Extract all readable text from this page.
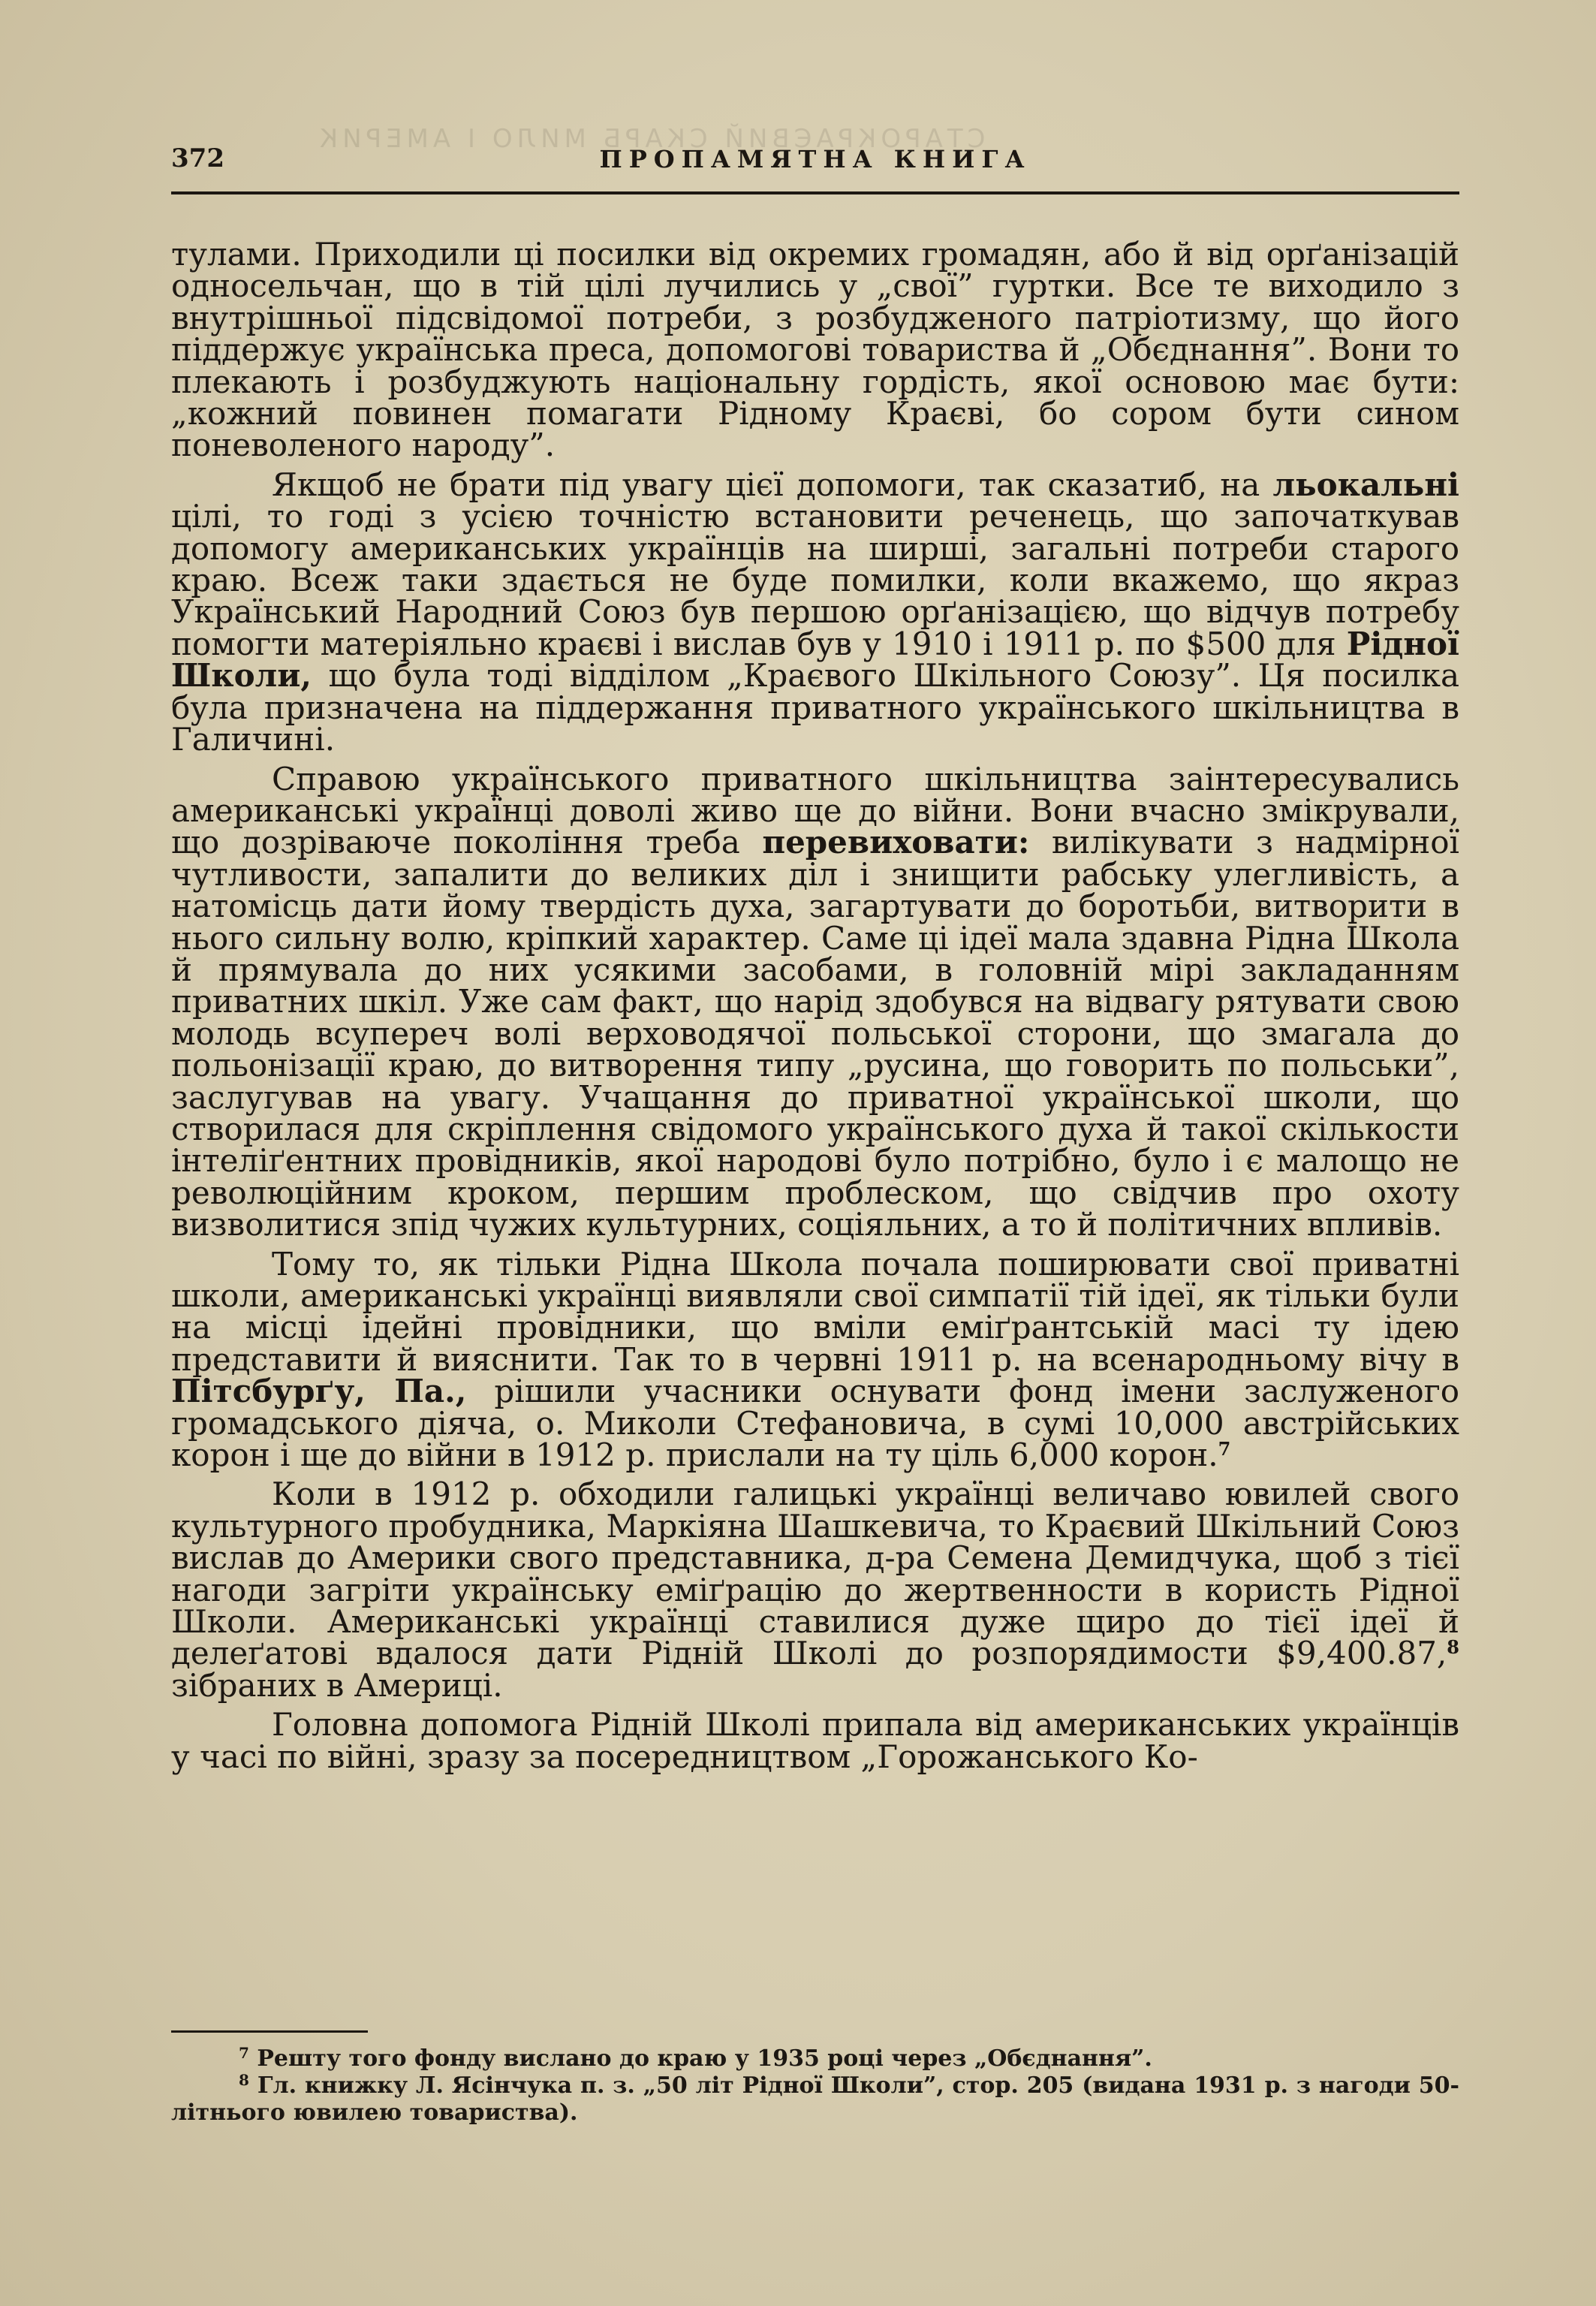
СТАРОКРАЄВИЙ СКАРБ МИЛО І АМЕРИК
372	ПРОПАМЯТНА КНИГА

тулами. Приходили ці посилки від окремих громадян, або й від орґанізацій односельчан, що в тій цілі лучились у „свої” гуртки. Все те виходило з внутрішньої підсвідомої потреби, з розбудженого патріотизму, що його піддержує українська преса, допомогові товариства й „Обєднання”. Вони то плекають і розбуджують національну гордість, якої основою має бути: „кожний повинен помагати Рідному Краєві, бо сором бути сином поневоленого народу”.

Якщоб не брати під увагу цієї допомоги, так сказатиб, на льокальні цілі, то годі з усією точністю встановити реченець, що започаткував допомогу американських українців на ширші, загальні потреби старого краю. Всеж таки здається не буде помилки, коли вкажемо, що якраз Український Народний Союз був першою орґанізацією, що відчув потребу помогти матеріяльно краєві і вислав був у 1910 і 1911 р. по $500 для Рідної Школи, що була тоді відділом „Краєвого Шкільного Союзу”. Ця посилка була призначена на піддержання приватного українського шкільництва в Галичині.

Справою українського приватного шкільництва заінтересувались американські українці доволі живо ще до війни. Вони вчасно змікрували, що дозріваюче покоління треба перевиховати: вилікувати з надмірної чутливости, запалити до великих діл і знищити рабську улегливість, а натомісць дати йому твердість духа, загартувати до боротьби, витворити в нього сильну волю, кріпкий характер. Саме ці ідеї мала здавна Рідна Школа й прямувала до них усякими засобами, в головній мірі закладанням приватних шкіл. Уже сам факт, що нарід здобувся на відвагу рятувати свою молодь всупереч волі верховодячої польської сторони, що змагала до польонізації краю, до витворення типу „русина, що говорить по польськи”, заслугував на увагу. Учащання до приватної української школи, що створилася для скріплення свідомого українського духа й такої скількости інтеліґентних провідників, якої народові було потрібно, було і є малощо не революційним кроком, першим проблеском, що свідчив про охоту визволитися зпід чужих культурних, соціяльних, а то й політичних впливів.

Тому то, як тільки Рідна Школа почала поширювати свої приватні школи, американські українці виявляли свої симпатії тій ідеї, як тільки були на місці ідейні провідники, що вміли еміґрантській масі ту ідею представити й вияснити. Так то в червні 1911 р. на всенародньому вічу в Пітсбурґу, Па., рішили учасники оснувати фонд імени заслуженого громадського діяча, о. Миколи Стефановича, в сумі 10,000 австрійських корон і ще до війни в 1912 р. прислали на ту ціль 6,000 корон.$^7$

Коли в 1912 р. обходили галицькі українці величаво ювилей свого культурного пробудника, Маркіяна Шашкевича, то Краєвий Шкільний Союз вислав до Америки свого представника, д-ра Семена Демидчука, щоб з тієї нагоди загріти українську еміґрацію до жертвенности в користь Рідної Школи. Американські українці ставилися дуже щиро до тієї ідеї й делеґатові вдалося дати Рідній Школі до розпорядимости $9,400.87,$^8$ зібраних в Америці.

Головна допомога Рідній Школі припала від американських українців у часі по війні, зразу за посередництвом „Горожанського Ко-

$^7$ Решту того фонду вислано до краю у 1935 році через „Обєднання”.

$^8$ Гл. книжку Л. Ясінчука п. з. „50 літ Рідної Школи”, стор. 205 (видана 1931 р. з нагоди 50-літнього ювилею товариства).
